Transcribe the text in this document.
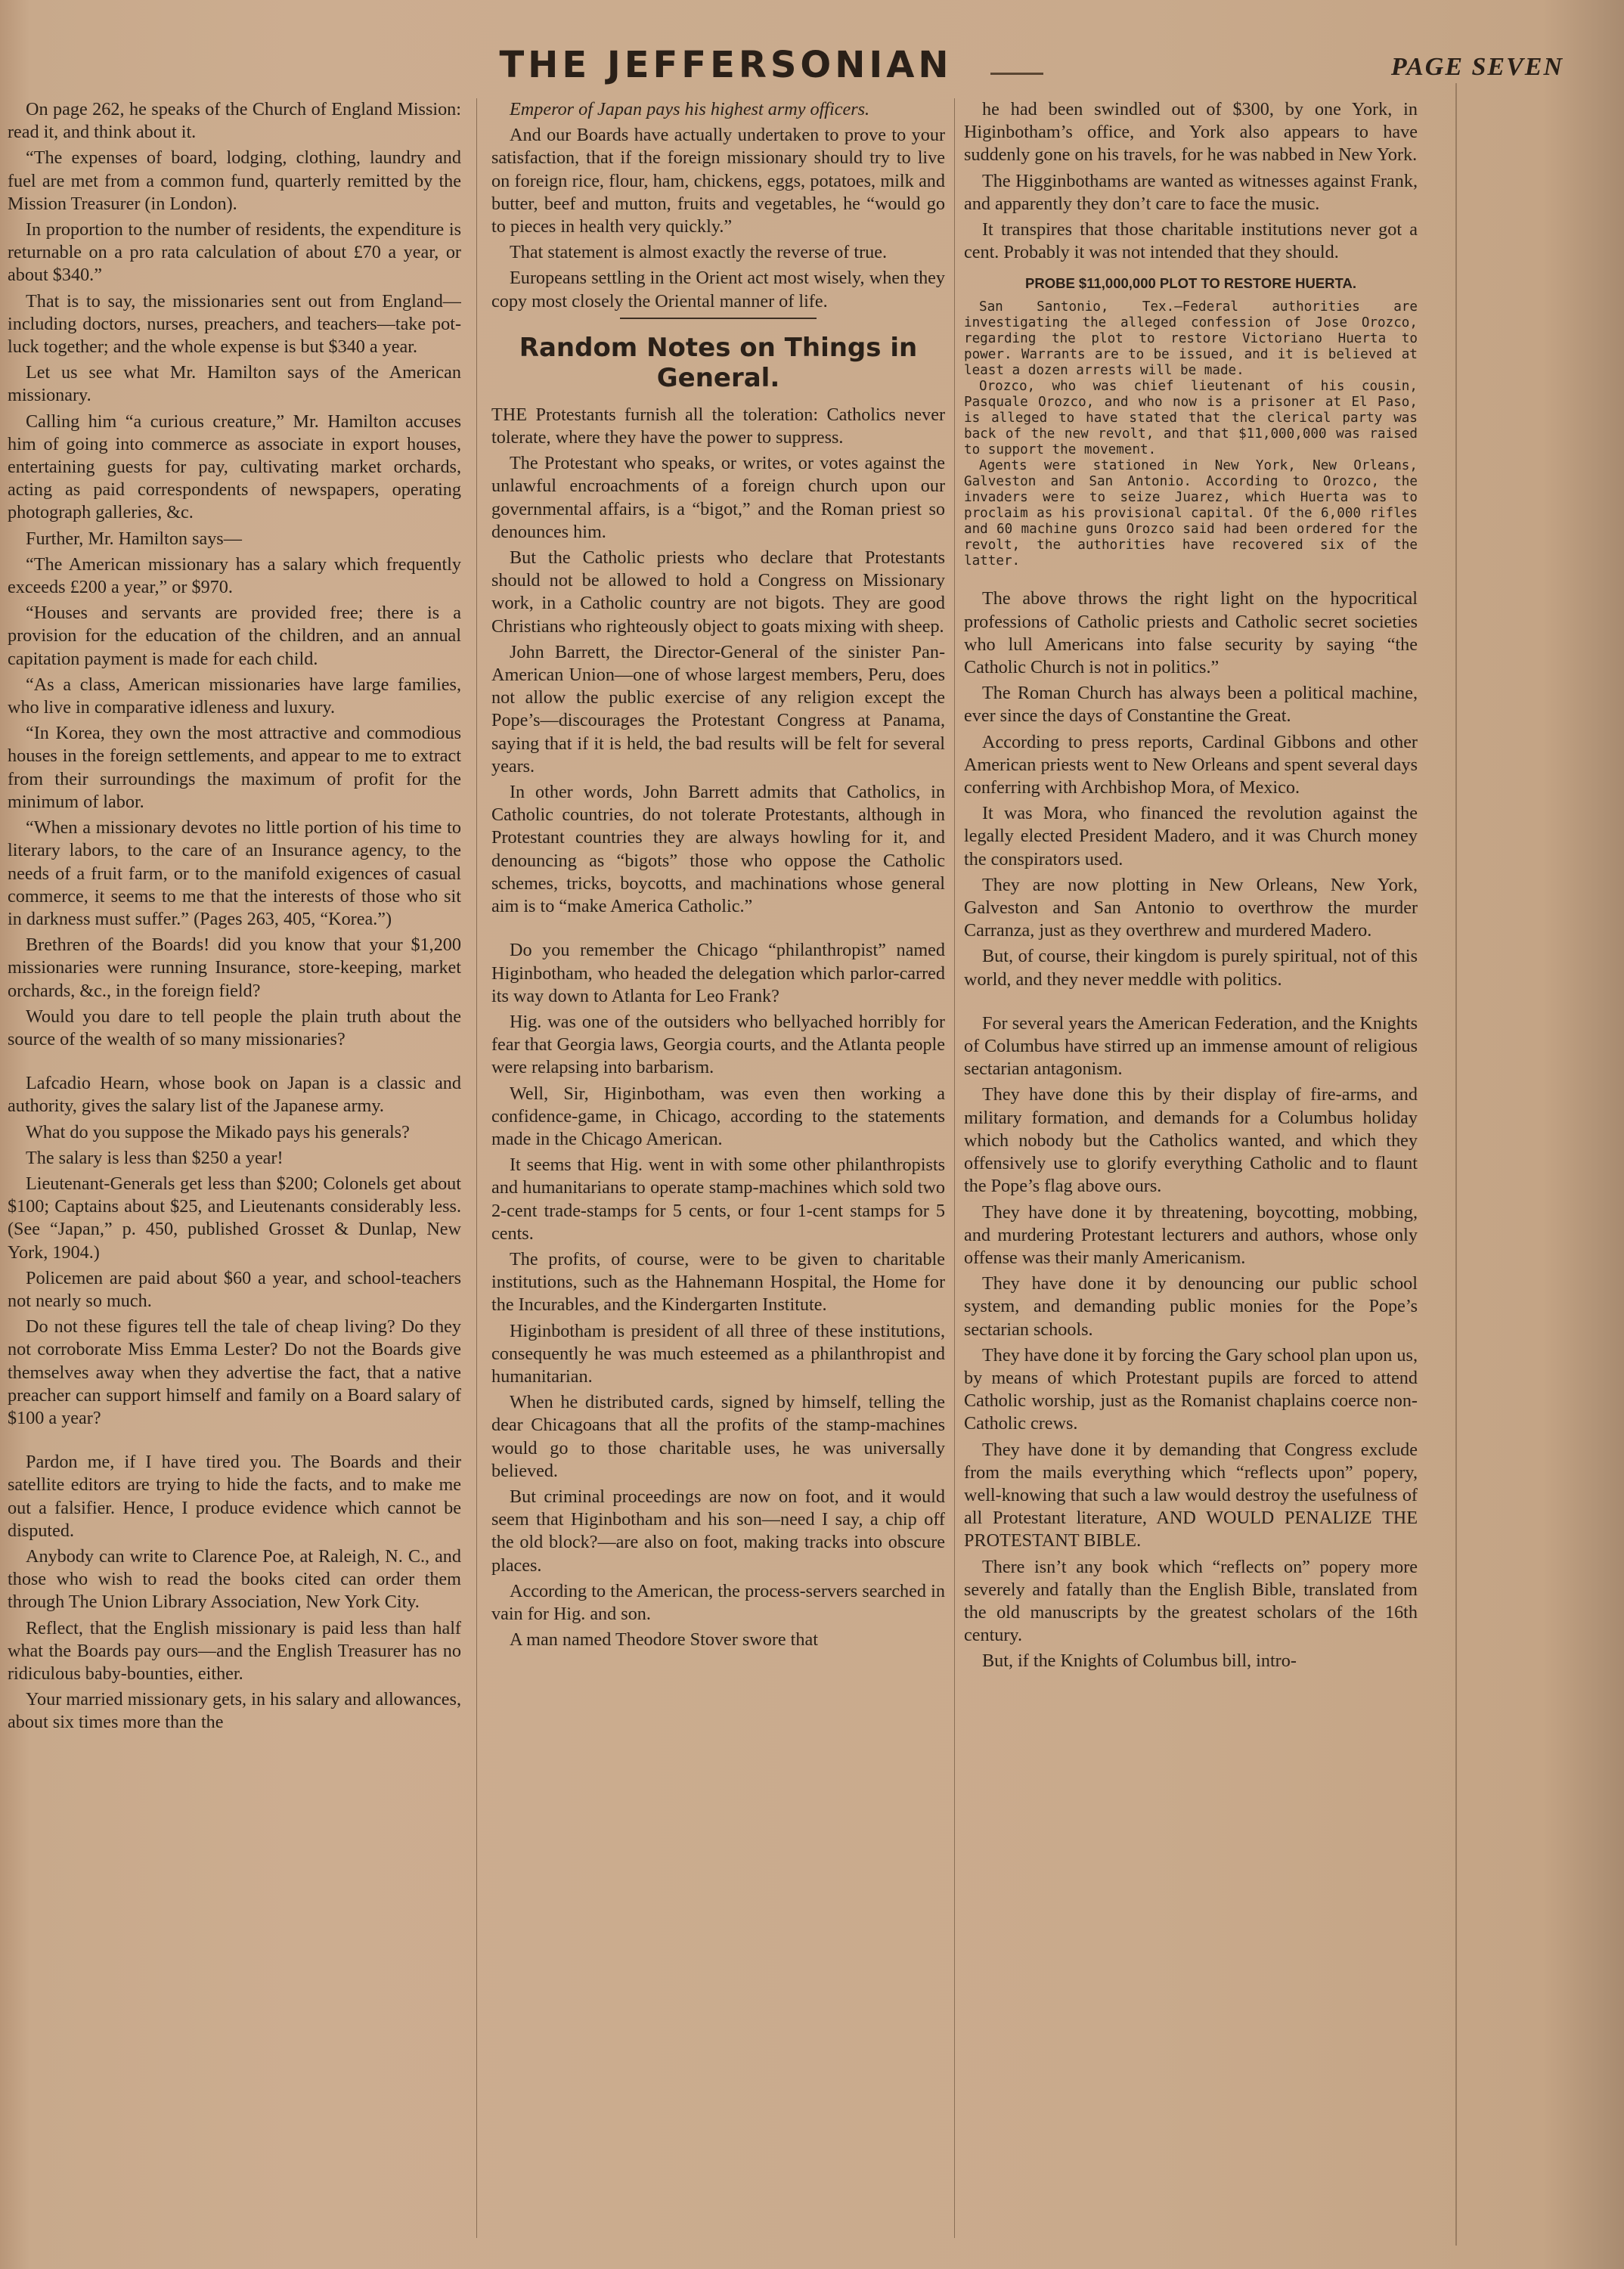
THE JEFFERSONIAN	PAGE SEVEN

On page 262, he speaks of the Church of England Mission: read it, and think about it.

“The expenses of board, lodging, clothing, laundry and fuel are met from a common fund, quarterly remitted by the Mission Treasurer (in London).

In proportion to the number of residents, the expenditure is returnable on a pro rata calculation of about £70 a year, or about $340.”

That is to say, the missionaries sent out from England—including doctors, nurses, preachers, and teachers—take pot-luck together; and the whole expense is but $340 a year.

Let us see what Mr. Hamilton says of the American missionary.

Calling him “a curious creature,” Mr. Hamilton accuses him of going into commerce as associate in export houses, entertaining guests for pay, cultivating market orchards, acting as paid correspondents of newspapers, operating photograph galleries, &c.

Further, Mr. Hamilton says—

“The American missionary has a salary which frequently exceeds £200 a year,” or $970.

“Houses and servants are provided free; there is a provision for the education of the children, and an annual capitation payment is made for each child.

“As a class, American missionaries have large families, who live in comparative idleness and luxury.

“In Korea, they own the most attractive and commodious houses in the foreign settlements, and appear to me to extract from their surroundings the maximum of profit for the minimum of labor.

“When a missionary devotes no little portion of his time to literary labors, to the care of an Insurance agency, to the needs of a fruit farm, or to the manifold exigences of casual commerce, it seems to me that the interests of those who sit in darkness must suffer.” (Pages 263, 405, “Korea.”)

Brethren of the Boards! did you know that your $1,200 missionaries were running Insurance, store-keeping, market orchards, &c., in the foreign field?

Would you dare to tell people the plain truth about the source of the wealth of so many missionaries?

Lafcadio Hearn, whose book on Japan is a classic and authority, gives the salary list of the Japanese army.

What do you suppose the Mikado pays his generals?

The salary is less than $250 a year!

Lieutenant-Generals get less than $200; Colonels get about $100; Captains about $25, and Lieutenants considerably less. (See “Japan,” p. 450, published Grosset & Dunlap, New York, 1904.)

Policemen are paid about $60 a year, and school-teachers not nearly so much.

Do not these figures tell the tale of cheap living? Do they not corroborate Miss Emma Lester? Do not the Boards give themselves away when they advertise the fact, that a native preacher can support himself and family on a Board salary of $100 a year?

Pardon me, if I have tired you. The Boards and their satellite editors are trying to hide the facts, and to make me out a falsifier. Hence, I produce evidence which cannot be disputed.

Anybody can write to Clarence Poe, at Raleigh, N. C., and those who wish to read the books cited can order them through The Union Library Association, New York City.

Reflect, that the English missionary is paid less than half what the Boards pay ours—and the English Treasurer has no ridiculous baby-bounties, either.

Your married missionary gets, in his salary and allowances, about six times more than the

Emperor of Japan pays his highest army officers.

And our Boards have actually undertaken to prove to your satisfaction, that if the foreign missionary should try to live on foreign rice, flour, ham, chickens, eggs, potatoes, milk and butter, beef and mutton, fruits and vegetables, he “would go to pieces in health very quickly.”

That statement is almost exactly the reverse of true.

Europeans settling in the Orient act most wisely, when they copy most closely the Oriental manner of life.

Random Notes on Things in General.

THE Protestants furnish all the toleration: Catholics never tolerate, where they have the power to suppress.

The Protestant who speaks, or writes, or votes against the unlawful encroachments of a foreign church upon our governmental affairs, is a “bigot,” and the Roman priest so denounces him.

But the Catholic priests who declare that Protestants should not be allowed to hold a Congress on Missionary work, in a Catholic country are not bigots. They are good Christians who righteously object to goats mixing with sheep.

John Barrett, the Director-General of the sinister Pan-American Union—one of whose largest members, Peru, does not allow the public exercise of any religion except the Pope’s—discourages the Protestant Congress at Panama, saying that if it is held, the bad results will be felt for several years.

In other words, John Barrett admits that Catholics, in Catholic countries, do not tolerate Protestants, although in Protestant countries they are always howling for it, and denouncing as “bigots” those who oppose the Catholic schemes, tricks, boycotts, and machinations whose general aim is to “make America Catholic.”

Do you remember the Chicago “philanthropist” named Higinbotham, who headed the delegation which parlor-carred its way down to Atlanta for Leo Frank?

Hig. was one of the outsiders who bellyached horribly for fear that Georgia laws, Georgia courts, and the Atlanta people were relapsing into barbarism.

Well, Sir, Higinbotham, was even then working a confidence-game, in Chicago, according to the statements made in the Chicago American.

It seems that Hig. went in with some other philanthropists and humanitarians to operate stamp-machines which sold two 2-cent trade-stamps for 5 cents, or four 1-cent stamps for 5 cents.

The profits, of course, were to be given to charitable institutions, such as the Hahnemann Hospital, the Home for the Incurables, and the Kindergarten Institute.

Higinbotham is president of all three of these institutions, consequently he was much esteemed as a philanthropist and humanitarian.

When he distributed cards, signed by himself, telling the dear Chicagoans that all the profits of the stamp-machines would go to those charitable uses, he was universally believed.

But criminal proceedings are now on foot, and it would seem that Higinbotham and his son—need I say, a chip off the old block?—are also on foot, making tracks into obscure places.

According to the American, the process-servers searched in vain for Hig. and son.

A man named Theodore Stover swore that

he had been swindled out of $300, by one York, in Higinbotham’s office, and York also appears to have suddenly gone on his travels, for he was nabbed in New York.

The Higginbothams are wanted as witnesses against Frank, and apparently they don’t care to face the music.

It transpires that those charitable institutions never got a cent. Probably it was not intended that they should.

PROBE $11,000,000 PLOT TO RESTORE HUERTA.

San Santonio, Tex.—Federal authorities are investigating the alleged confession of Jose Orozco, regarding the plot to restore Victoriano Huerta to power. Warrants are to be issued, and it is believed at least a dozen arrests will be made.

Orozco, who was chief lieutenant of his cousin, Pasquale Orozco, and who now is a prisoner at El Paso, is alleged to have stated that the clerical party was back of the new revolt, and that $11,000,000 was raised to support the movement.

Agents were stationed in New York, New Orleans, Galveston and San Antonio. According to Orozco, the invaders were to seize Juarez, which Huerta was to proclaim as his provisional capital. Of the 6,000 rifles and 60 machine guns Orozco said had been ordered for the revolt, the authorities have recovered six of the latter.

The above throws the right light on the hypocritical professions of Catholic priests and Catholic secret societies who lull Americans into false security by saying “the Catholic Church is not in politics.”

The Roman Church has always been a political machine, ever since the days of Constantine the Great.

According to press reports, Cardinal Gibbons and other American priests went to New Orleans and spent several days conferring with Archbishop Mora, of Mexico.

It was Mora, who financed the revolution against the legally elected President Madero, and it was Church money the conspirators used.

They are now plotting in New Orleans, New York, Galveston and San Antonio to overthrow the murder Carranza, just as they overthrew and murdered Madero.

But, of course, their kingdom is purely spiritual, not of this world, and they never meddle with politics.

For several years the American Federation, and the Knights of Columbus have stirred up an immense amount of religious sectarian antagonism.

They have done this by their display of fire-arms, and military formation, and demands for a Columbus holiday which nobody but the Catholics wanted, and which they offensively use to glorify everything Catholic and to flaunt the Pope’s flag above ours.

They have done it by threatening, boycotting, mobbing, and murdering Protestant lecturers and authors, whose only offense was their manly Americanism.

They have done it by denouncing our public school system, and demanding public monies for the Pope’s sectarian schools.

They have done it by forcing the Gary school plan upon us, by means of which Protestant pupils are forced to attend Catholic worship, just as the Romanist chaplains coerce non-Catholic crews.

They have done it by demanding that Congress exclude from the mails everything which “reflects upon” popery, well-knowing that such a law would destroy the usefulness of all Protestant literature, AND WOULD PENALIZE THE PROTESTANT BIBLE.

There isn’t any book which “reflects on” popery more severely and fatally than the English Bible, translated from the old manuscripts by the greatest scholars of the 16th century.

But, if the Knights of Columbus bill, intro-
